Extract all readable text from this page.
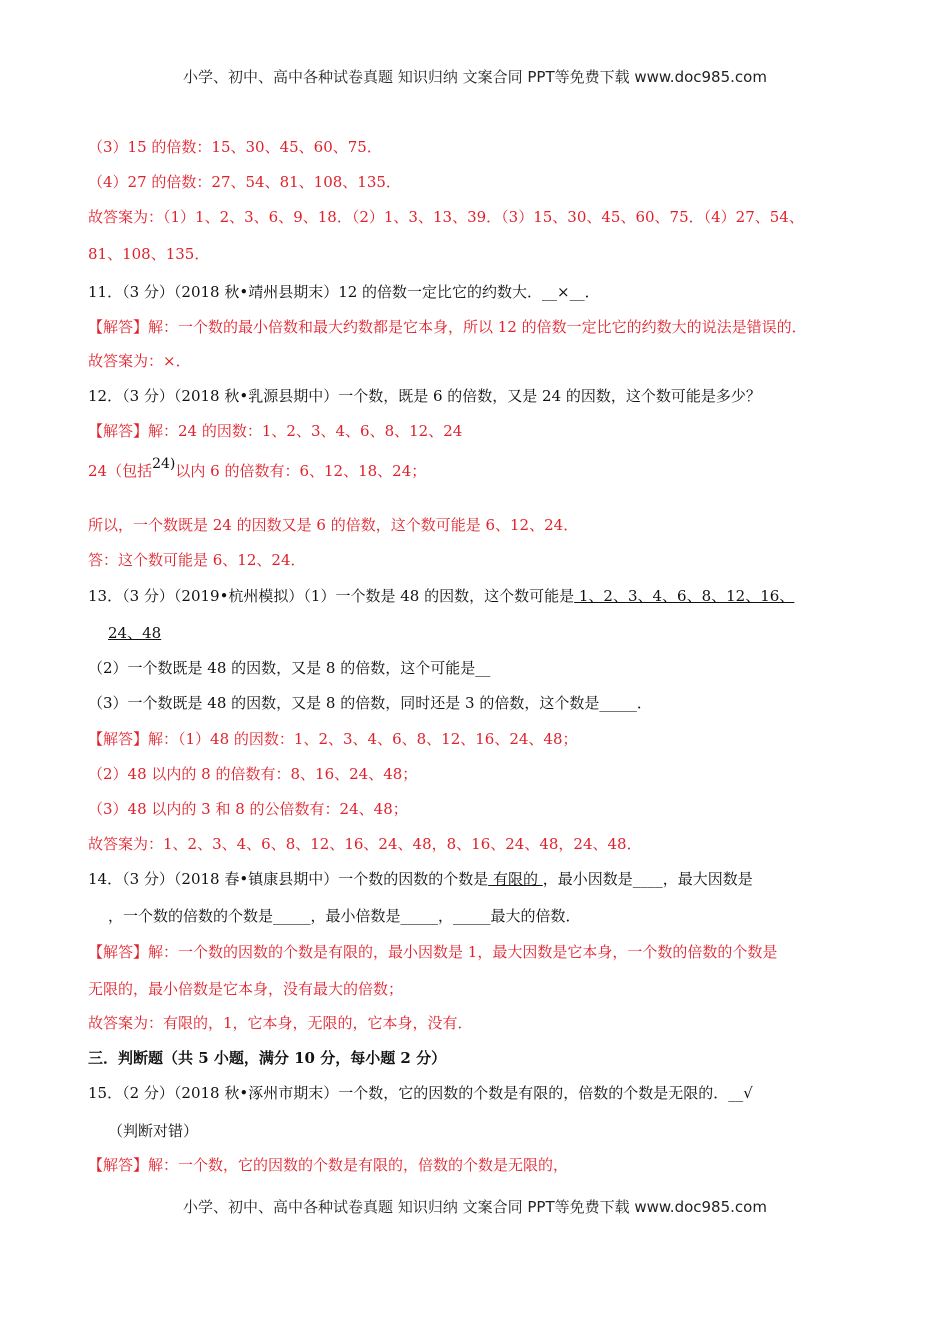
小学、初中、高中各种试卷真题 知识归纳 文案合同 PPT等免费下载 www.doc985.com
（3）15 的倍数：15、30、45、60、75．
（4）27 的倍数：27、54、81、108、135．
故答案为：（1）1、2、3、6、9、18．（2）1、3、13、39．（3）15、30、45、60、75．（4）27、54、
81、108、135．
11．（3 分）（2018 秋•靖州县期末）12 的倍数一定比它的约数大．__×__．
【解答】解：一个数的最小倍数和最大约数都是它本身，所以 12 的倍数一定比它的约数大的说法是错误的．
故答案为：×．
12．（3 分）（2018 秋•乳源县期中）一个数，既是 6 的倍数，又是 24 的因数，这个数可能是多少？
【解答】解：24 的因数：1、2、3、4、6、8、12、24
24（包括24)以内 6 的倍数有：6、12、18、24；
所以，一个数既是 24 的因数又是 6 的倍数，这个数可能是 6、12、24．
答：这个数可能是 6、12、24．
13．（3 分）（2019•杭州模拟）（1）一个数是 48 的因数，这个数可能是 1、2、3、4、6、8、12、16、
24、48
（2）一个数既是 48 的因数，又是 8 的倍数，这个可能是__
（3）一个数既是 48 的因数，又是 8 的倍数，同时还是 3 的倍数，这个数是_____．
【解答】解：（1）48 的因数：1、2、3、4、6、8、12、16、24、48；
（2）48 以内的 8 的倍数有：8、16、24、48；
（3）48 以内的 3 和 8 的公倍数有：24、48；
故答案为：1、2、3、4、6、8、12、16、24、48，8、16、24、48，24、48．
14．（3 分）（2018 春•镇康县期中）一个数的因数的个数是 有限的 ，最小因数是____，最大因数是
，一个数的倍数的个数是_____，最小倍数是_____，_____最大的倍数．
【解答】解：一个数的因数的个数是有限的，最小因数是 1，最大因数是它本身，一个数的倍数的个数是
无限的，最小倍数是它本身，没有最大的倍数；
故答案为：有限的，1，它本身，无限的，它本身，没有．
三．判断题（共 5 小题，满分 10 分，每小题 2 分）
15．（2 分）（2018 秋•涿州市期末）一个数，它的因数的个数是有限的，倍数的个数是无限的．__√
（判断对错）
【解答】解：一个数，它的因数的个数是有限的，倍数的个数是无限的，
小学、初中、高中各种试卷真题 知识归纳 文案合同 PPT等免费下载 www.doc985.com
